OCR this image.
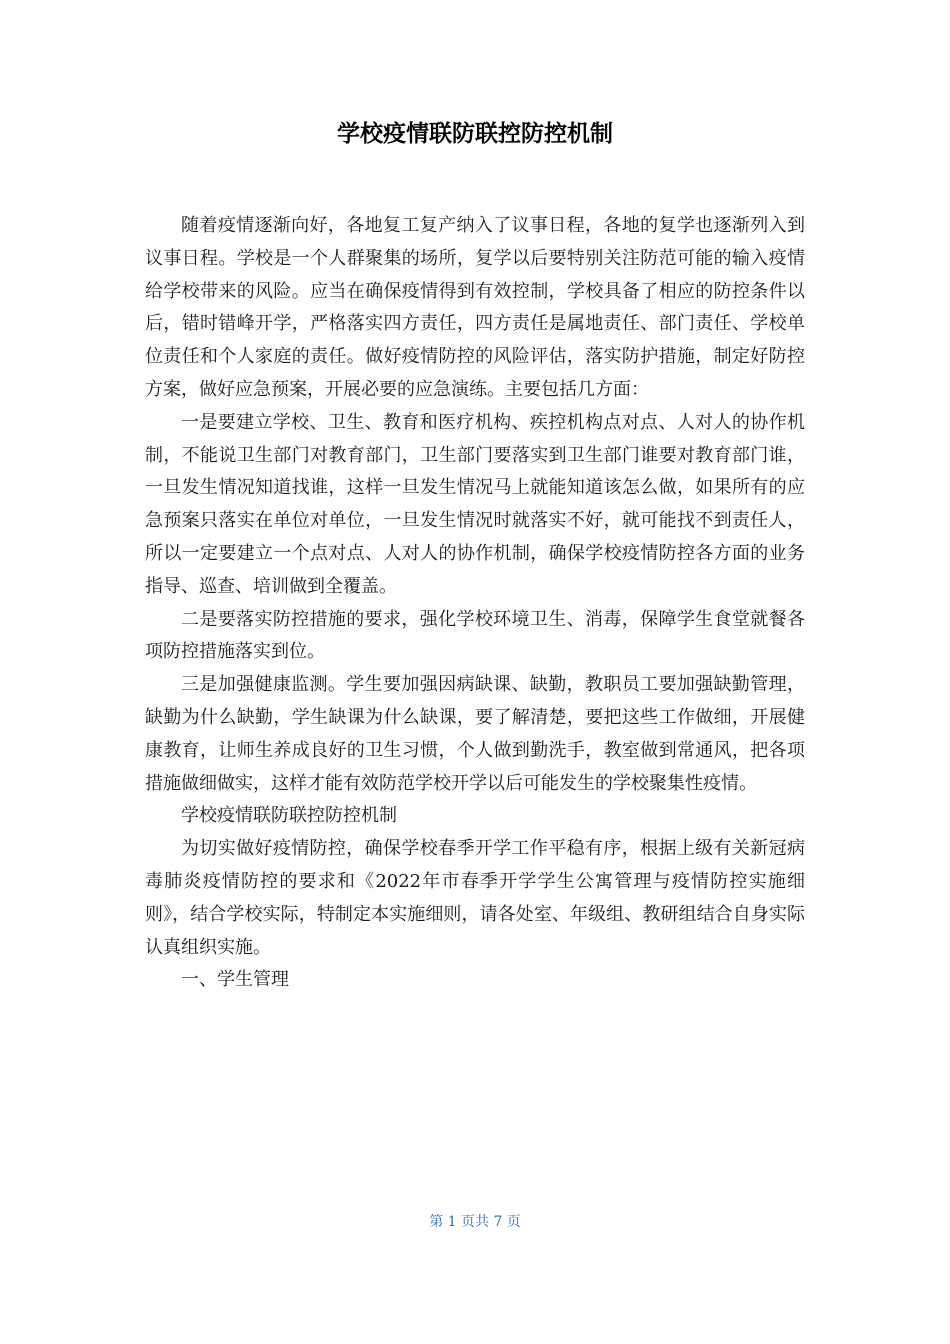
学校疫情联防联控防控机制

随着疫情逐渐向好，各地复工复产纳入了议事日程，各地的复学也逐渐列入到议事日程。学校是一个人群聚集的场所，复学以后要特别关注防范可能的输入疫情给学校带来的风险。应当在确保疫情得到有效控制，学校具备了相应的防控条件以后，错时错峰开学，严格落实四方责任，四方责任是属地责任、部门责任、学校单位责任和个人家庭的责任。做好疫情防控的风险评估，落实防护措施，制定好防控方案，做好应急预案，开展必要的应急演练。主要包括几方面：

一是要建立学校、卫生、教育和医疗机构、疾控机构点对点、人对人的协作机制，不能说卫生部门对教育部门，卫生部门要落实到卫生部门谁要对教育部门谁，一旦发生情况知道找谁，这样一旦发生情况马上就能知道该怎么做，如果所有的应急预案只落实在单位对单位，一旦发生情况时就落实不好，就可能找不到责任人，所以一定要建立一个点对点、人对人的协作机制，确保学校疫情防控各方面的业务指导、巡查、培训做到全覆盖。

二是要落实防控措施的要求，强化学校环境卫生、消毒，保障学生食堂就餐各项防控措施落实到位。

三是加强健康监测。学生要加强因病缺课、缺勤，教职员工要加强缺勤管理，缺勤为什么缺勤，学生缺课为什么缺课，要了解清楚，要把这些工作做细，开展健康教育，让师生养成良好的卫生习惯，个人做到勤洗手，教室做到常通风，把各项措施做细做实，这样才能有效防范学校开学以后可能发生的学校聚集性疫情。

学校疫情联防联控防控机制

为切实做好疫情防控，确保学校春季开学工作平稳有序，根据上级有关新冠病毒肺炎疫情防控的要求和《2022年市春季开学学生公寓管理与疫情防控实施细则》，结合学校实际，特制定本实施细则，请各处室、年级组、教研组结合自身实际认真组织实施。

一、学生管理

第 1 页共 7 页
